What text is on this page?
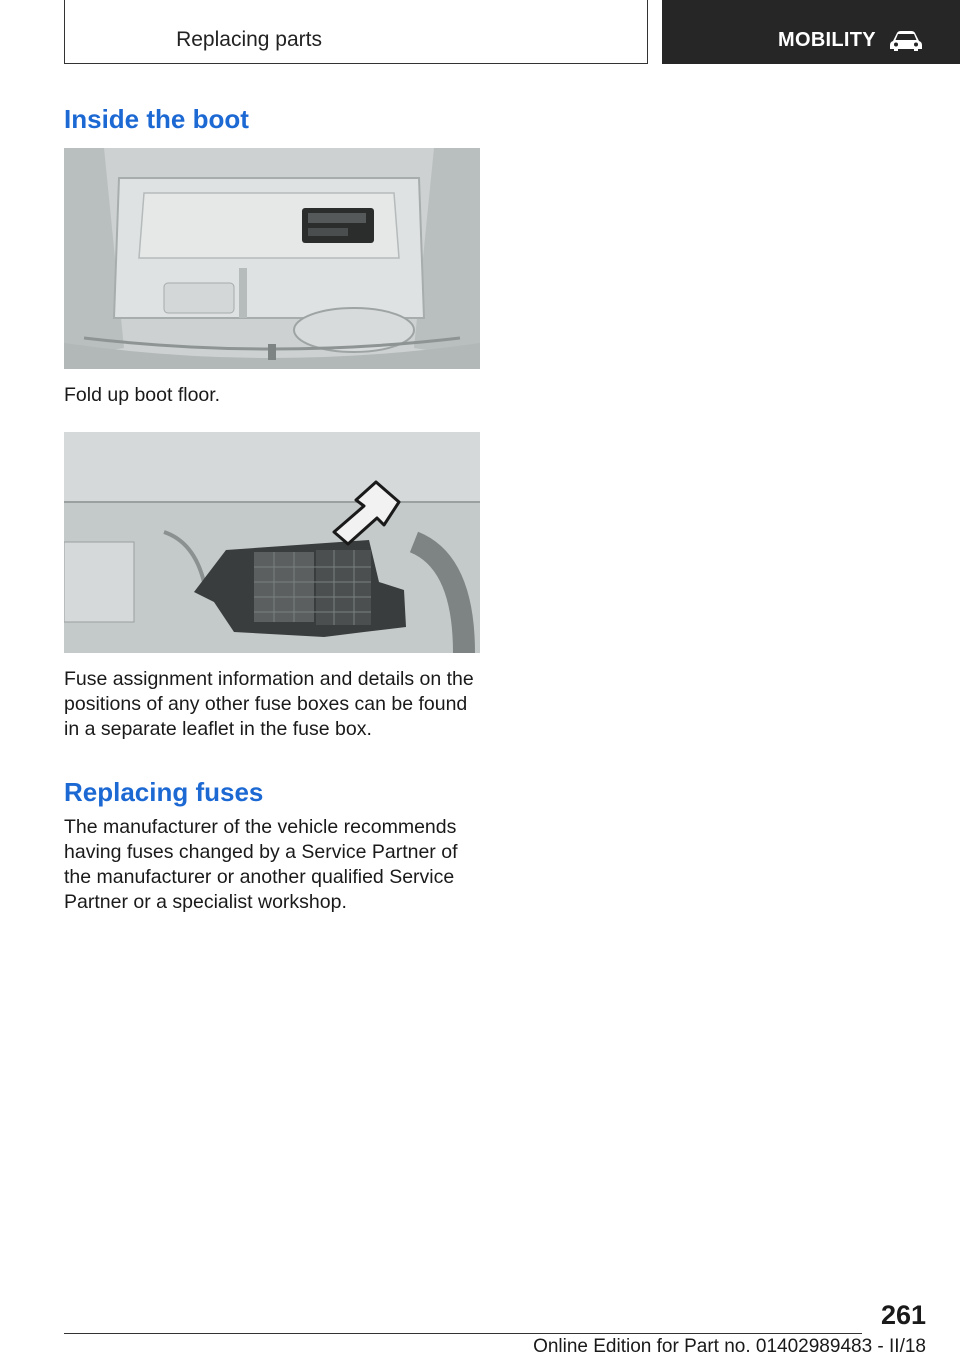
Replacing parts	MOBILITY
Inside the boot

Fold up boot floor.

Fuse assignment information and details on the positions of any other fuse boxes can be found in a separate leaflet in the fuse box.

Replacing fuses

The manufacturer of the vehicle recommends having fuses changed by a Service Partner of the manufacturer or another qualified Service Partner or a specialist workshop.

261
Online Edition for Part no. 01402989483 - II/18
